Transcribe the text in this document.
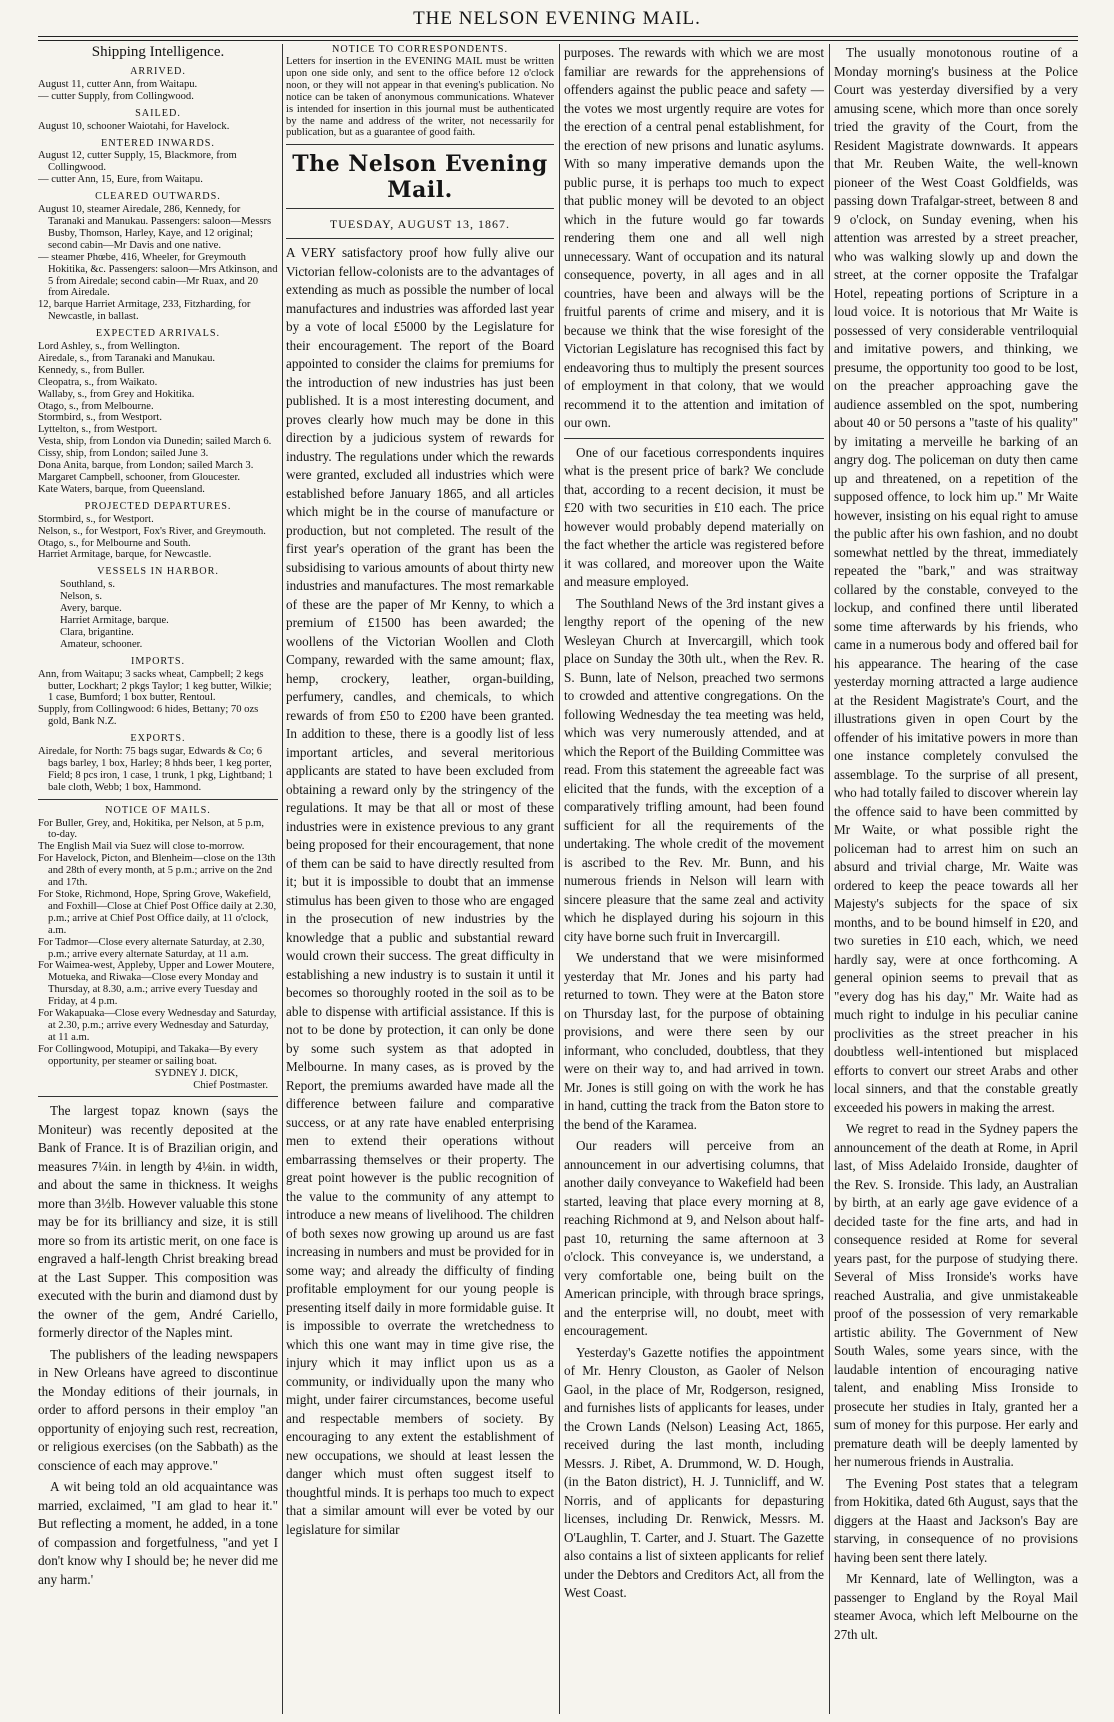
THE NELSON EVENING MAIL.
Shipping Intelligence.
ARRIVED.
August 11, cutter Ann, from Waitapu.
— cutter Supply, from Collingwood.
SAILED.
August 10, schooner Waiotahi, for Havelock.
ENTERED INWARDS.
August 12, cutter Supply, 15, Blackmore, from Collingwood.
— cutter Ann, 15, Eure, from Waitapu.
CLEARED OUTWARDS.
August 10, steamer Airedale, 286, Kennedy, for Taranaki and Manukau. Passengers: saloon—Messrs Busby, Thomson, Harley, Kaye, and 12 original; second cabin—Mr Davis and one native.
— steamer Phœbe, 416, Wheeler, for Greymouth Hokitika, &c. Passengers: saloon—Mrs Atkinson, and 5 from Airedale; second cabin—Mr Ruax, and 20 from Airedale.
12, barque Harriet Armitage, 233, Fitzharding, for Newcastle, in ballast.
EXPECTED ARRIVALS.
Lord Ashley, s., from Wellington.
Airedale, s., from Taranaki and Manukau.
Kennedy, s., from Buller.
Cleopatra, s., from Waikato.
Wallaby, s., from Grey and Hokitika.
Otago, s., from Melbourne.
Stormbird, s., from Westport.
Lyttelton, s., from Westport.
Vesta, ship, from London via Dunedin; sailed March 6.
Cissy, ship, from London; sailed June 3.
Dona Anita, barque, from London; sailed March 3.
Margaret Campbell, schooner, from Gloucester.
Kate Waters, barque, from Queensland.
PROJECTED DEPARTURES.
Stormbird, s., for Westport.
Nelson, s., for Westport, Fox's River, and Greymouth.
Otago, s., for Melbourne and South.
Harriet Armitage, barque, for Newcastle.
VESSELS IN HARBOR.
Southland, s.
Nelson, s.
Avery, barque.
Harriet Armitage, barque.
Clara, brigantine.
Amateur, schooner.
IMPORTS.
Ann, from Waitapu; 3 sacks wheat, Campbell; 2 kegs butter, Lockhart; 2 pkgs Taylor; 1 keg butter, Wilkie; 1 case, Bumford; 1 box butter, Rentoul.
Supply, from Collingwood: 6 hides, Bettany; 70 ozs gold, Bank N.Z.
EXPORTS.
Airedale, for North: 75 bags sugar, Edwards & Co; 6 bags barley, 1 box, Harley; 8 hhds beer, 1 keg porter, Field; 8 pcs iron, 1 case, 1 trunk, 1 pkg, Lightband; 1 bale cloth, Webb; 1 box, Hammond.
NOTICE OF MAILS.
For Buller, Grey, and, Hokitika, per Nelson, at 5 p.m, to-day.
The English Mail via Suez will close to-morrow.
For Havelock, Picton, and Blenheim—close on the 13th and 28th of every month, at 5 p.m.; arrive on the 2nd and 17th.
For Stoke, Richmond, Hope, Spring Grove, Wakefield, and Foxhill—Close at Chief Post Office daily at 2.30, p.m.; arrive at Chief Post Office daily, at 11 o'clock, a.m.
For Tadmor—Close every alternate Saturday, at 2.30, p.m.; arrive every alternate Saturday, at 11 a.m.
For Waimea-west, Appleby, Upper and Lower Moutere, Motueka, and Riwaka—Close every Monday and Thursday, at 8.30, a.m.; arrive every Tuesday and Friday, at 4 p.m.
For Wakapuaka—Close every Wednesday and Saturday, at 2.30, p.m.; arrive every Wednesday and Saturday, at 11 a.m.
For Collingwood, Motupipi, and Takaka—By every opportunity, per steamer or sailing boat.
SYDNEY J. DICK,
Chief Postmaster.

The largest topaz known (says the Moniteur) was recently deposited at the Bank of France. It is of Brazilian origin, and measures 7¼in. in length by 4⅛in. in width, and about the same in thickness. It weighs more than 3½lb. However valuable this stone may be for its brilliancy and size, it is still more so from its artistic merit, on one face is engraved a half-length Christ breaking bread at the Last Supper. This composition was executed with the burin and diamond dust by the owner of the gem, André Cariello, formerly director of the Naples mint.

The publishers of the leading newspapers in New Orleans have agreed to discontinue the Monday editions of their journals, in order to afford persons in their employ "an opportunity of enjoying such rest, recreation, or religious exercises (on the Sabbath) as the conscience of each may approve."

A wit being told an old acquaintance was married, exclaimed, "I am glad to hear it." But reflecting a moment, he added, in a tone of compassion and forgetfulness, "and yet I don't know why I should be; he never did me any harm.'

NOTICE TO CORRESPONDENTS.
Letters for insertion in the EVENING MAIL must be written upon one side only, and sent to the office before 12 o'clock noon, or they will not appear in that evening's publication. No notice can be taken of anonymous communications. Whatever is intended for insertion in this journal must be authenticated by the name and address of the writer, not necessarily for publication, but as a guarantee of good faith.
The Nelson Evening Mail.
TUESDAY, AUGUST 13, 1867.

A VERY satisfactory proof how fully alive our Victorian fellow-colonists are to the advantages of extending as much as possible the number of local manufactures and industries was afforded last year by a vote of local £5000 by the Legislature for their encouragement. The report of the Board appointed to consider the claims for premiums for the introduction of new industries has just been published. It is a most interesting document, and proves clearly how much may be done in this direction by a judicious system of rewards for industry. The regulations under which the rewards were granted, excluded all industries which were established before January 1865, and all articles which might be in the course of manufacture or production, but not completed. The result of the first year's operation of the grant has been the subsidising to various amounts of about thirty new industries and manufactures. The most remarkable of these are the paper of Mr Kenny, to which a premium of £1500 has been awarded; the woollens of the Victorian Woollen and Cloth Company, rewarded with the same amount; flax, hemp, crockery, leather, organ-building, perfumery, candles, and chemicals, to which rewards of from £50 to £200 have been granted. In addition to these, there is a goodly list of less important articles, and several meritorious applicants are stated to have been excluded from obtaining a reward only by the stringency of the regulations. It may be that all or most of these industries were in existence previous to any grant being proposed for their encouragement, that none of them can be said to have directly resulted from it; but it is impossible to doubt that an immense stimulus has been given to those who are engaged in the prosecution of new industries by the knowledge that a public and substantial reward would crown their success. The great difficulty in establishing a new industry is to sustain it until it becomes so thoroughly rooted in the soil as to be able to dispense with artificial assistance. If this is not to be done by protection, it can only be done by some such system as that adopted in Melbourne. In many cases, as is proved by the Report, the premiums awarded have made all the difference between failure and comparative success, or at any rate have enabled enterprising men to extend their operations without embarrassing themselves or their property. The great point however is the public recognition of the value to the community of any attempt to introduce a new means of livelihood. The children of both sexes now growing up around us are fast increasing in numbers and must be provided for in some way; and already the difficulty of finding profitable employment for our young people is presenting itself daily in more formidable guise. It is impossible to overrate the wretchedness to which this one want may in time give rise, the injury which it may inflict upon us as a community, or individually upon the many who might, under fairer circumstances, become useful and respectable members of society. By encouraging to any extent the establishment of new occupations, we should at least lessen the danger which must often suggest itself to thoughtful minds. It is perhaps too much to expect that a similar amount will ever be voted by our legislature for similar

purposes. The rewards with which we are most familiar are rewards for the apprehensions of offenders against the public peace and safety — the votes we most urgently require are votes for the erection of a central penal establishment, for the erection of new prisons and lunatic asylums. With so many imperative demands upon the public purse, it is perhaps too much to expect that public money will be devoted to an object which in the future would go far towards rendering them one and all well nigh unnecessary. Want of occupation and its natural consequence, poverty, in all ages and in all countries, have been and always will be the fruitful parents of crime and misery, and it is because we think that the wise foresight of the Victorian Legislature has recognised this fact by endeavoring thus to multiply the present sources of employment in that colony, that we would recommend it to the attention and imitation of our own.

One of our facetious correspondents inquires what is the present price of bark? We conclude that, according to a recent decision, it must be £20 with two securities in £10 each. The price however would probably depend materially on the fact whether the article was registered before it was collared, and moreover upon the Waite and measure employed.

The Southland News of the 3rd instant gives a lengthy report of the opening of the new Wesleyan Church at Invercargill, which took place on Sunday the 30th ult., when the Rev. R. S. Bunn, late of Nelson, preached two sermons to crowded and attentive congregations. On the following Wednesday the tea meeting was held, which was very numerously attended, and at which the Report of the Building Committee was read. From this statement the agreeable fact was elicited that the funds, with the exception of a comparatively trifling amount, had been found sufficient for all the requirements of the undertaking. The whole credit of the movement is ascribed to the Rev. Mr. Bunn, and his numerous friends in Nelson will learn with sincere pleasure that the same zeal and activity which he displayed during his sojourn in this city have borne such fruit in Invercargill.

We understand that we were misinformed yesterday that Mr. Jones and his party had returned to town. They were at the Baton store on Thursday last, for the purpose of obtaining provisions, and were there seen by our informant, who concluded, doubtless, that they were on their way to, and had arrived in town. Mr. Jones is still going on with the work he has in hand, cutting the track from the Baton store to the bend of the Karamea.

Our readers will perceive from an announcement in our advertising columns, that another daily conveyance to Wakefield had been started, leaving that place every morning at 8, reaching Richmond at 9, and Nelson about half-past 10, returning the same afternoon at 3 o'clock. This conveyance is, we understand, a very comfortable one, being built on the American principle, with through brace springs, and the enterprise will, no doubt, meet with encouragement.

Yesterday's Gazette notifies the appointment of Mr. Henry Clouston, as Gaoler of Nelson Gaol, in the place of Mr, Rodgerson, resigned, and furnishes lists of applicants for leases, under the Crown Lands (Nelson) Leasing Act, 1865, received during the last month, including Messrs. J. Ribet, A. Drummond, W. D. Hough, (in the Baton district), H. J. Tunnicliff, and W. Norris, and of applicants for depasturing licenses, including Dr. Renwick, Messrs. M. O'Laughlin, T. Carter, and J. Stuart. The Gazette also contains a list of sixteen applicants for relief under the Debtors and Creditors Act, all from the West Coast.

The usually monotonous routine of a Monday morning's business at the Police Court was yesterday diversified by a very amusing scene, which more than once sorely tried the gravity of the Court, from the Resident Magistrate downwards. It appears that Mr. Reuben Waite, the well-known pioneer of the West Coast Goldfields, was passing down Trafalgar-street, between 8 and 9 o'clock, on Sunday evening, when his attention was arrested by a street preacher, who was walking slowly up and down the street, at the corner opposite the Trafalgar Hotel, repeating portions of Scripture in a loud voice. It is notorious that Mr Waite is possessed of very considerable ventriloquial and imitative powers, and thinking, we presume, the opportunity too good to be lost, on the preacher approaching gave the audience assembled on the spot, numbering about 40 or 50 persons a "taste of his quality" by imitating a merveille he barking of an angry dog. The policeman on duty then came up and threatened, on a repetition of the supposed offence, to lock him up." Mr Waite however, insisting on his equal right to amuse the public after his own fashion, and no doubt somewhat nettled by the threat, immediately repeated the "bark," and was straitway collared by the constable, conveyed to the lockup, and confined there until liberated some time afterwards by his friends, who came in a numerous body and offered bail for his appearance. The hearing of the case yesterday morning attracted a large audience at the Resident Magistrate's Court, and the illustrations given in open Court by the offender of his imitative powers in more than one instance completely convulsed the assemblage. To the surprise of all present, who had totally failed to discover wherein lay the offence said to have been committed by Mr Waite, or what possible right the policeman had to arrest him on such an absurd and trivial charge, Mr. Waite was ordered to keep the peace towards all her Majesty's subjects for the space of six months, and to be bound himself in £20, and two sureties in £10 each, which, we need hardly say, were at once forthcoming. A general opinion seems to prevail that as "every dog has his day," Mr. Waite had as much right to indulge in his peculiar canine proclivities as the street preacher in his doubtless well-intentioned but misplaced efforts to convert our street Arabs and other local sinners, and that the constable greatly exceeded his powers in making the arrest.

We regret to read in the Sydney papers the announcement of the death at Rome, in April last, of Miss Adelaido Ironside, daughter of the Rev. S. Ironside. This lady, an Australian by birth, at an early age gave evidence of a decided taste for the fine arts, and had in consequence resided at Rome for several years past, for the purpose of studying there. Several of Miss Ironside's works have reached Australia, and give unmistakeable proof of the possession of very remarkable artistic ability. The Government of New South Wales, some years since, with the laudable intention of encouraging native talent, and enabling Miss Ironside to prosecute her studies in Italy, granted her a sum of money for this purpose. Her early and premature death will be deeply lamented by her numerous friends in Australia.

The Evening Post states that a telegram from Hokitika, dated 6th August, says that the diggers at the Haast and Jackson's Bay are starving, in consequence of no provisions having been sent there lately.

Mr Kennard, late of Wellington, was a passenger to England by the Royal Mail steamer Avoca, which left Melbourne on the 27th ult.
